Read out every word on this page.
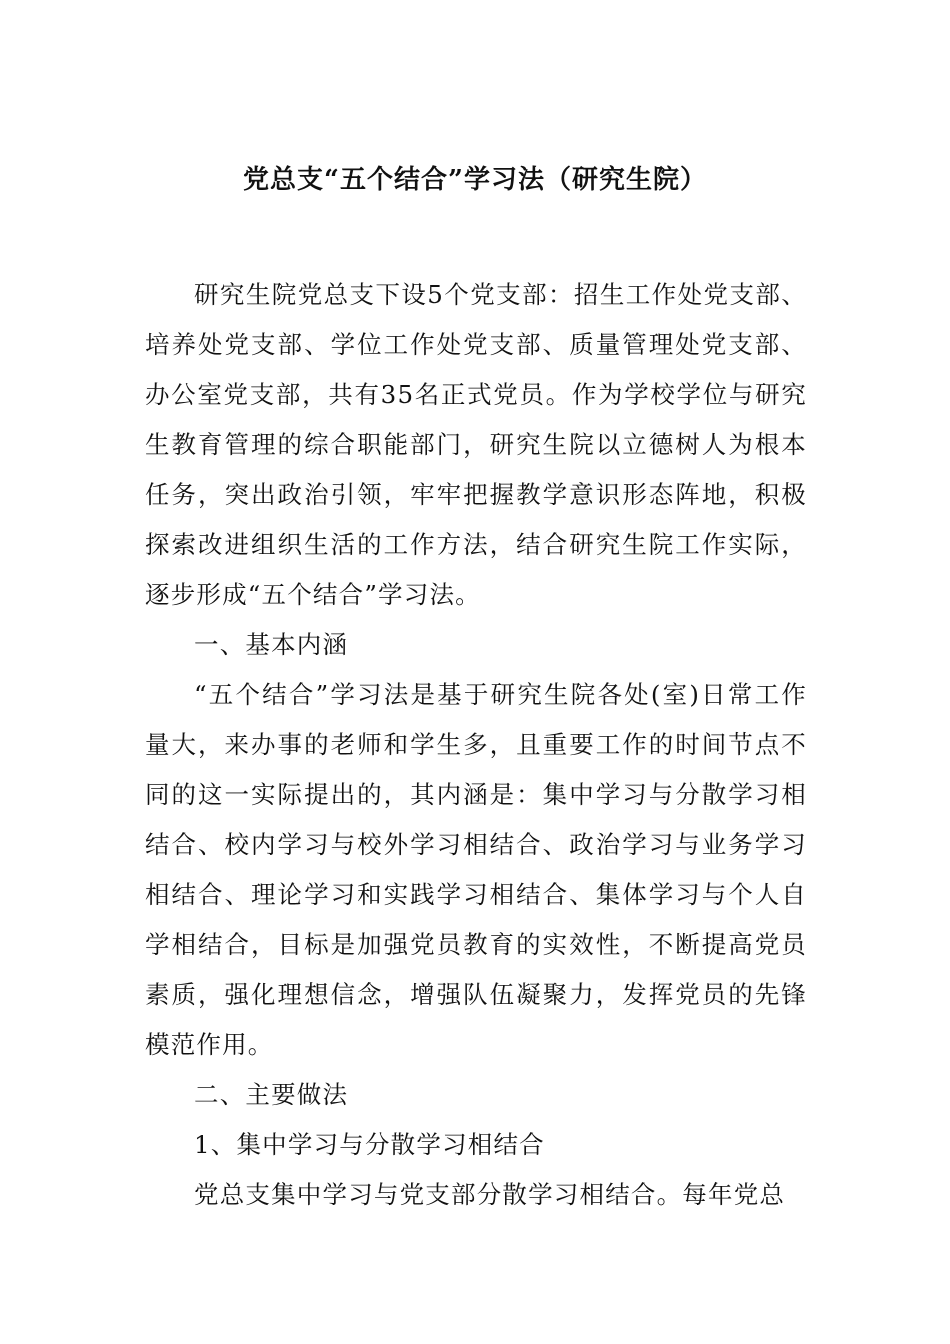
党总支“五个结合”学习法（研究生院）

研究生院党总支下设5个党支部：招生工作处党支部、培养处党支部、学位工作处党支部、质量管理处党支部、办公室党支部，共有35名正式党员。作为学校学位与研究生教育管理的综合职能部门，研究生院以立德树人为根本任务，突出政治引领，牢牢把握教学意识形态阵地，积极探索改进组织生活的工作方法，结合研究生院工作实际，逐步形成“五个结合”学习法。

一、基本内涵

“五个结合”学习法是基于研究生院各处(室)日常工作量大，来办事的老师和学生多，且重要工作的时间节点不同的这一实际提出的，其内涵是：集中学习与分散学习相结合、校内学习与校外学习相结合、政治学习与业务学习相结合、理论学习和实践学习相结合、集体学习与个人自学相结合，目标是加强党员教育的实效性，不断提高党员素质，强化理想信念，增强队伍凝聚力，发挥党员的先锋模范作用。

二、主要做法

1、集中学习与分散学习相结合

党总支集中学习与党支部分散学习相结合。每年党总
